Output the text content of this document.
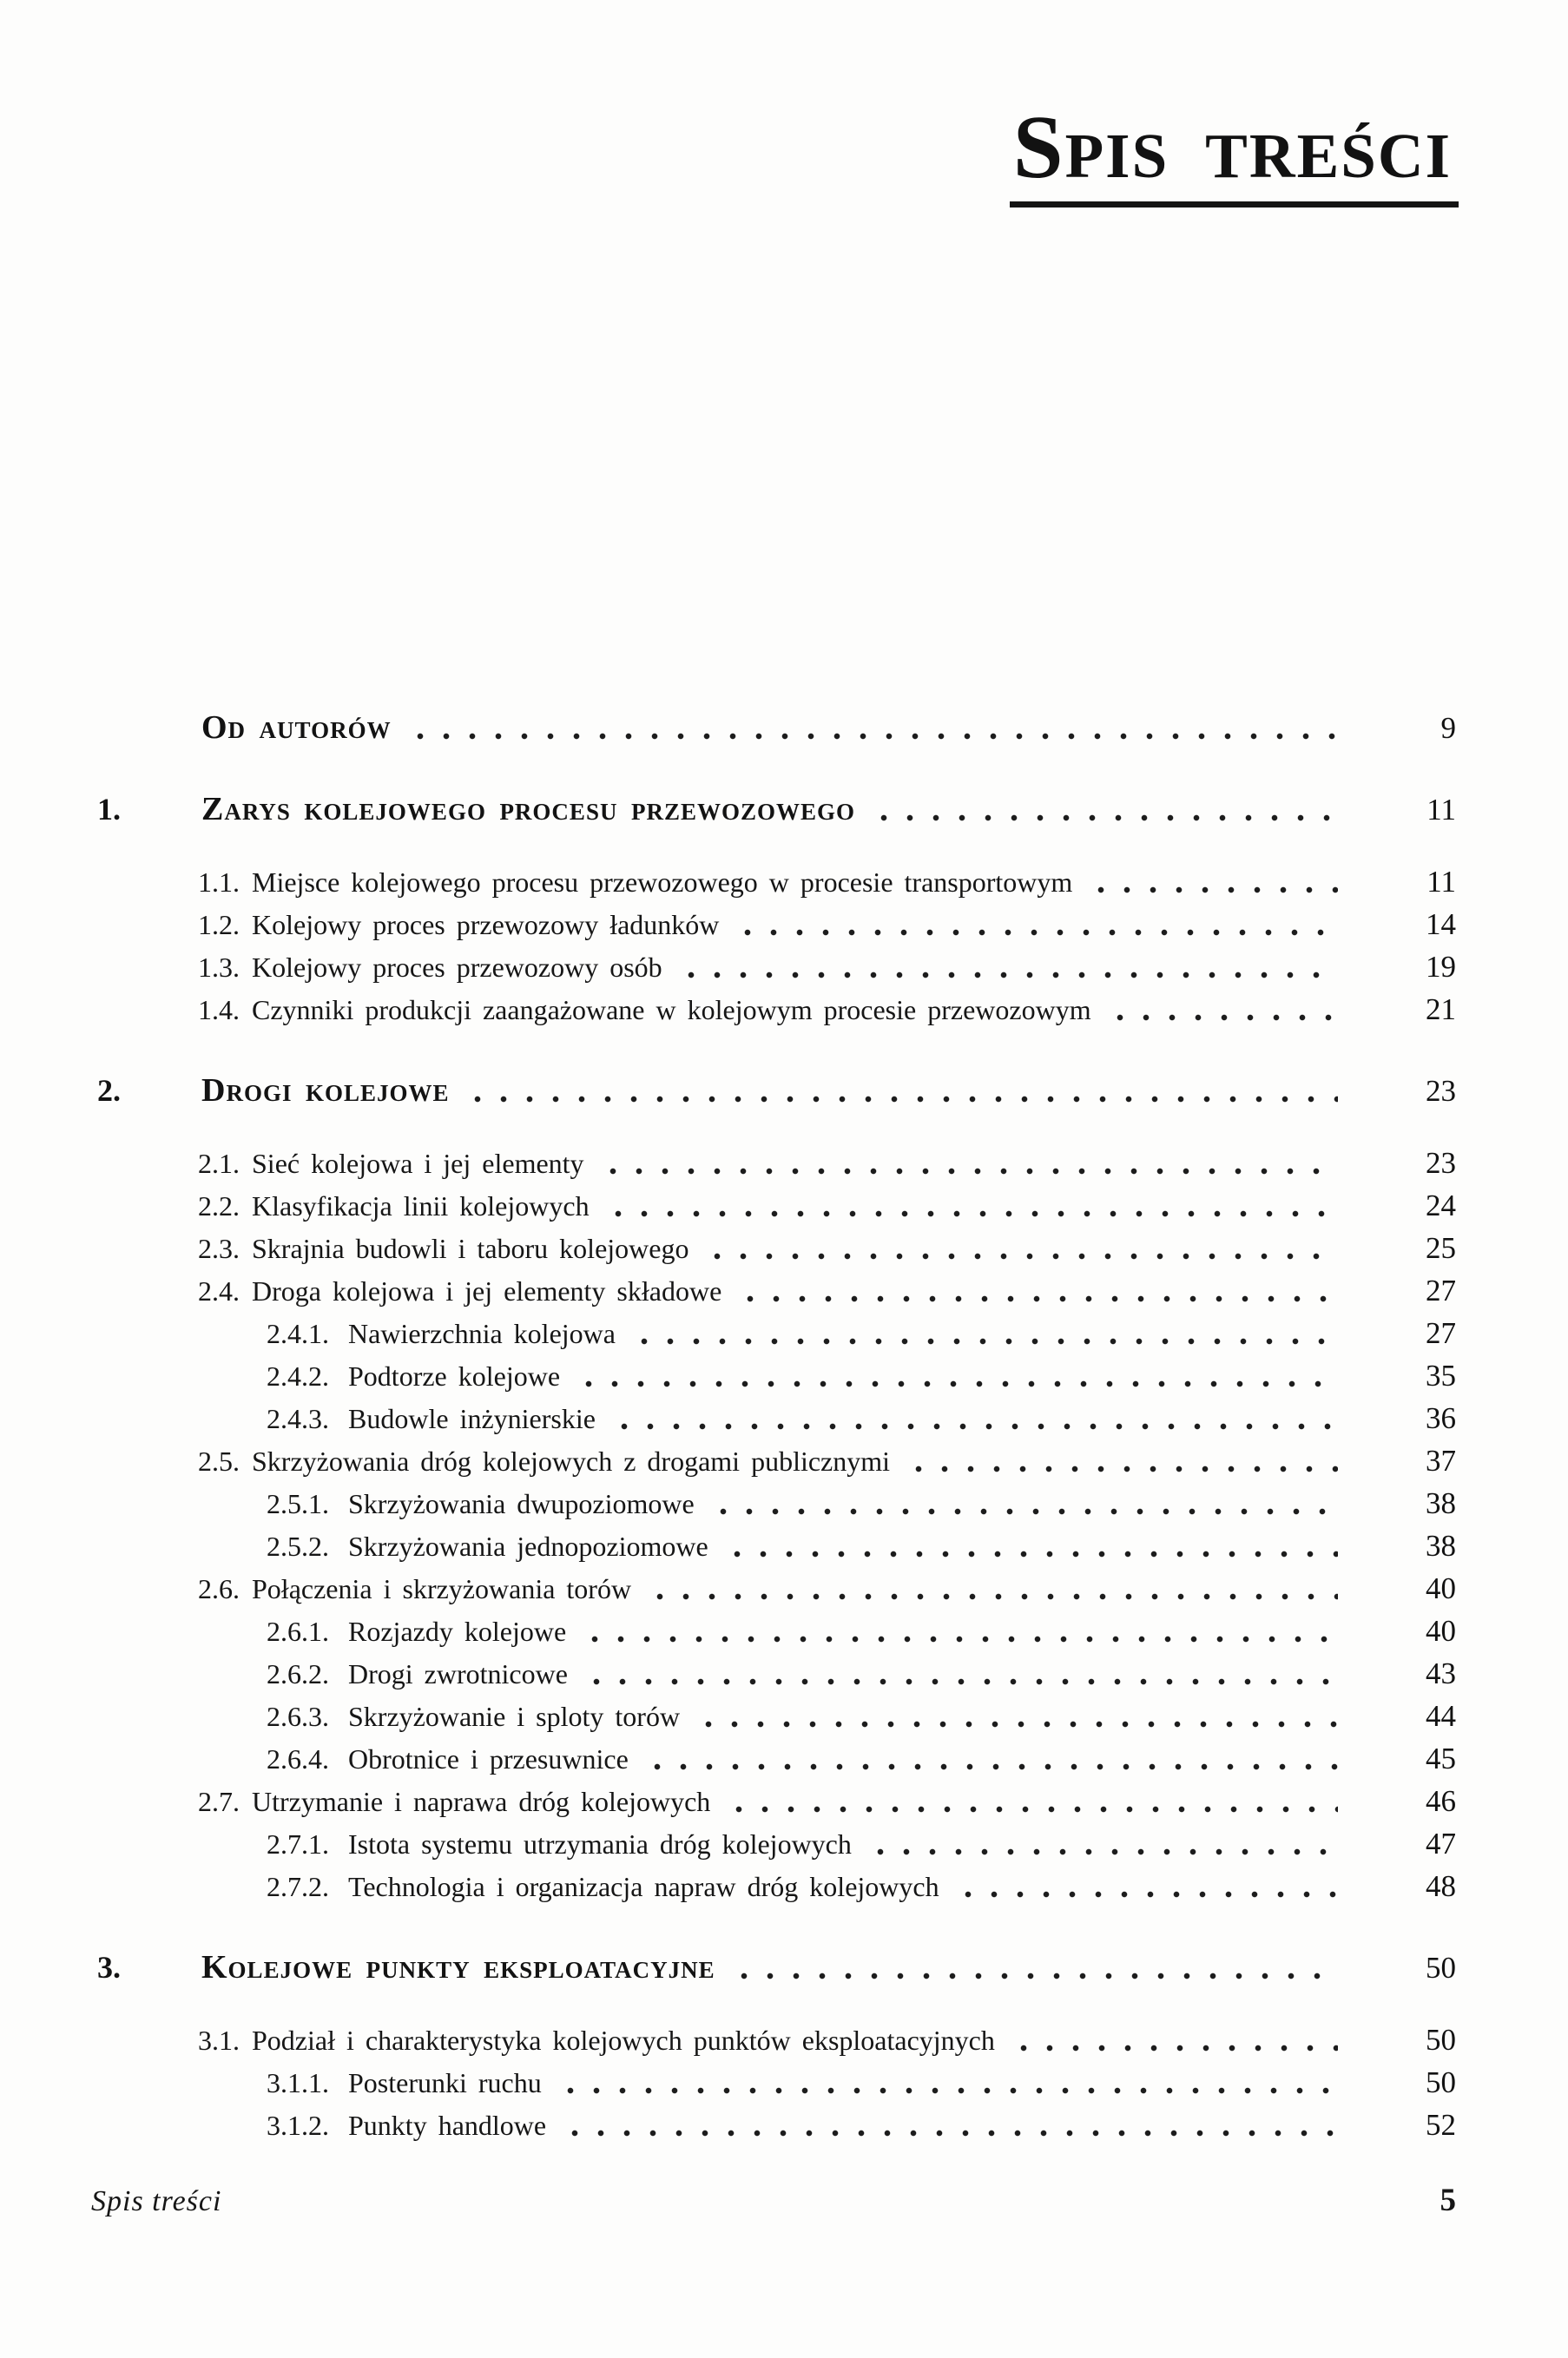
Spis treści
Od autorów	9
1.	Zarys kolejowego procesu przewozowego	11
1.1. Miejsce kolejowego procesu przewozowego w procesie transportowym	11
1.2. Kolejowy proces przewozowy ładunków	14
1.3. Kolejowy proces przewozowy osób	19
1.4. Czynniki produkcji zaangażowane w kolejowym procesie przewozowym	21
2.	Drogi kolejowe	23
2.1. Sieć kolejowa i jej elementy	23
2.2. Klasyfikacja linii kolejowych	24
2.3. Skrajnia budowli i taboru kolejowego	25
2.4. Droga kolejowa i jej elementy składowe	27
2.4.1. Nawierzchnia kolejowa	27
2.4.2. Podtorze kolejowe	35
2.4.3. Budowle inżynierskie	36
2.5. Skrzyżowania dróg kolejowych z drogami publicznymi	37
2.5.1. Skrzyżowania dwupoziomowe	38
2.5.2. Skrzyżowania jednopoziomowe	38
2.6. Połączenia i skrzyżowania torów	40
2.6.1. Rozjazdy kolejowe	40
2.6.2. Drogi zwrotnicowe	43
2.6.3. Skrzyżowanie i sploty torów	44
2.6.4. Obrotnice i przesuwnice	45
2.7. Utrzymanie i naprawa dróg kolejowych	46
2.7.1. Istota systemu utrzymania dróg kolejowych	47
2.7.2. Technologia i organizacja napraw dróg kolejowych	48
3.	Kolejowe punkty eksploatacyjne	50
3.1. Podział i charakterystyka kolejowych punktów eksploatacyjnych	50
3.1.1. Posterunki ruchu	50
3.1.2. Punkty handlowe	52
Spis treści	5
